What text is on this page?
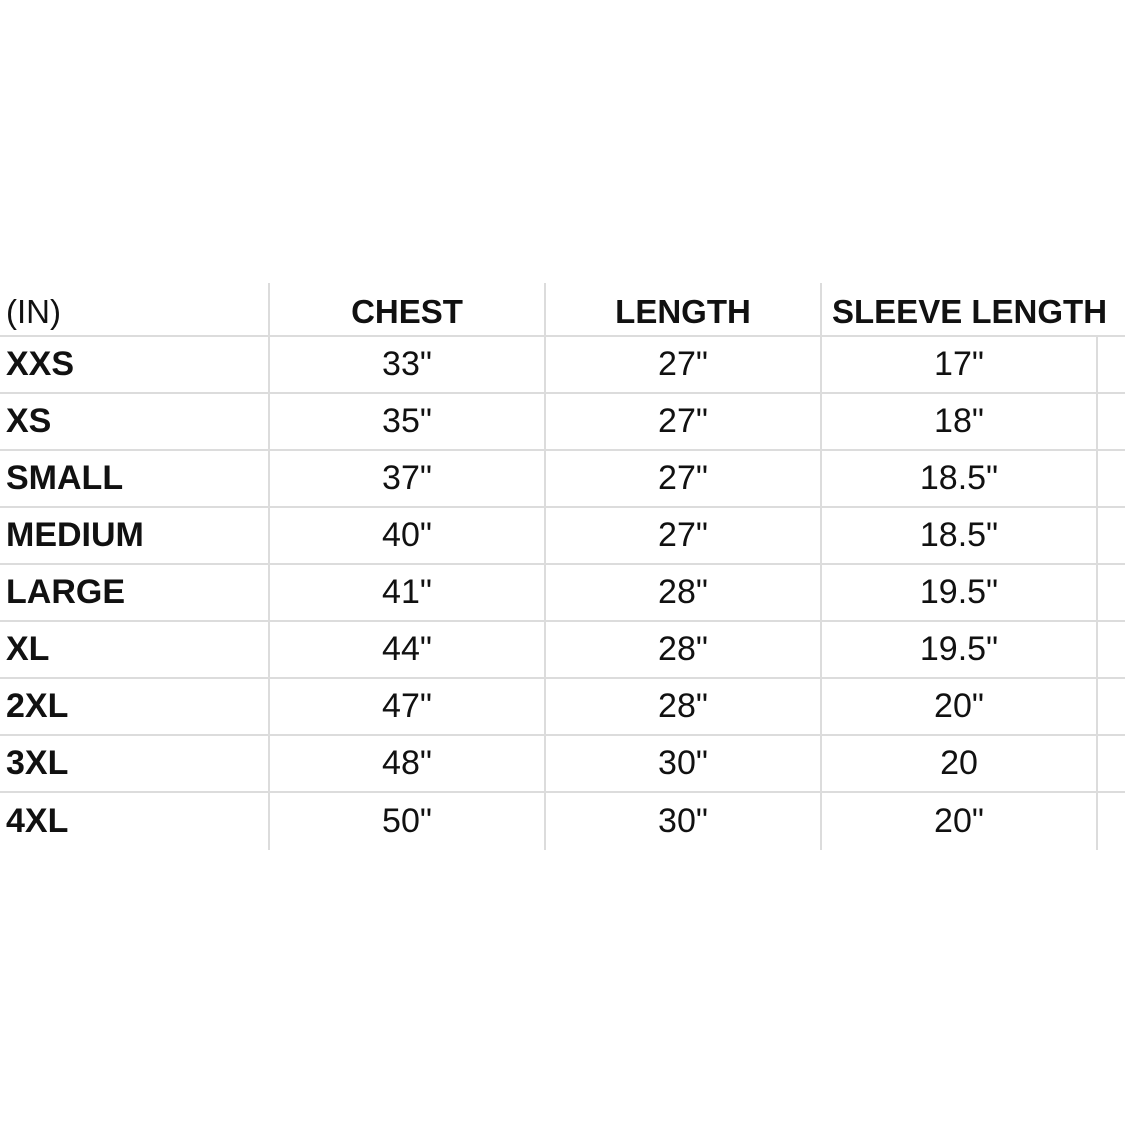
(IN)	CHEST	LENGTH	SLEEVE LENGTH
XXS	33"	27"	17"
XS	35"	27"	18"
SMALL	37"	27"	18.5"
MEDIUM	40"	27"	18.5"
LARGE	41"	28"	19.5"
XL	44"	28"	19.5"
2XL	47"	28"	20"
3XL	48"	30"	20
4XL	50"	30"	20"
